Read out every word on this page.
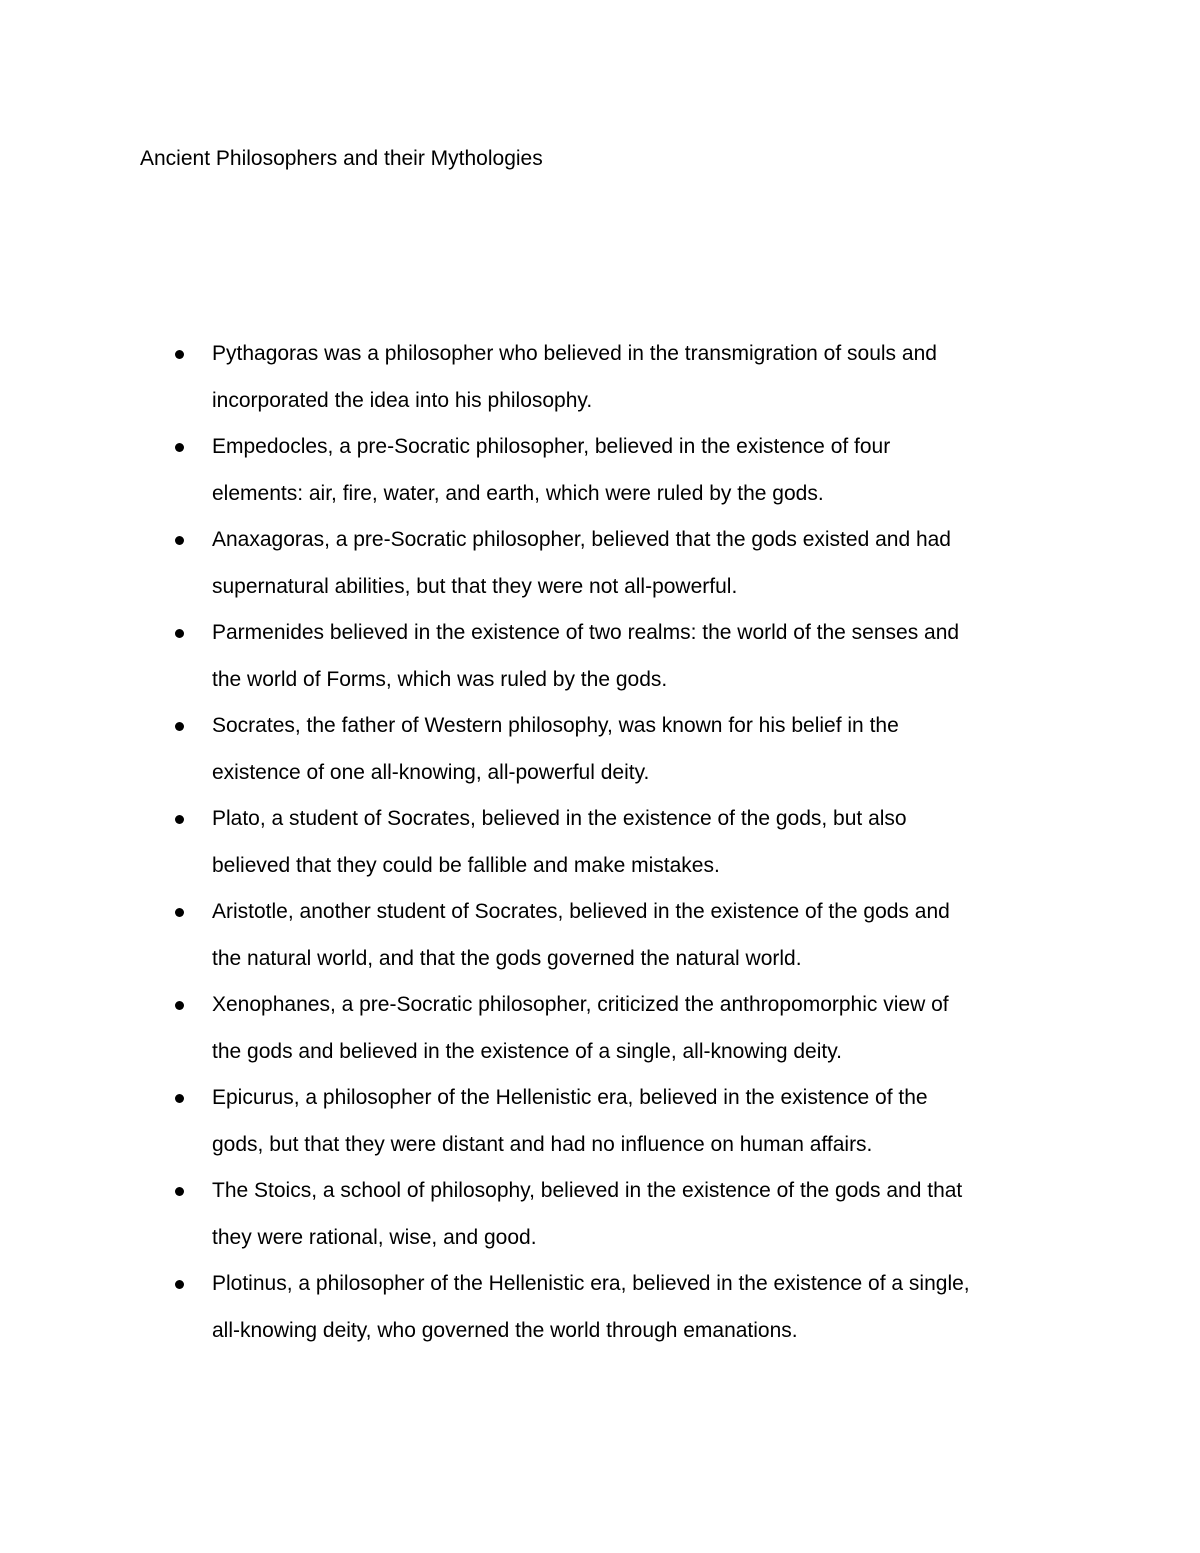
Ancient Philosophers and their Mythologies
Pythagoras was a philosopher who believed in the transmigration of souls and
incorporated the idea into his philosophy.
Empedocles, a pre-Socratic philosopher, believed in the existence of four
elements: air, fire, water, and earth, which were ruled by the gods.
Anaxagoras, a pre-Socratic philosopher, believed that the gods existed and had
supernatural abilities, but that they were not all-powerful.
Parmenides believed in the existence of two realms: the world of the senses and
the world of Forms, which was ruled by the gods.
Socrates, the father of Western philosophy, was known for his belief in the
existence of one all-knowing, all-powerful deity.
Plato, a student of Socrates, believed in the existence of the gods, but also
believed that they could be fallible and make mistakes.
Aristotle, another student of Socrates, believed in the existence of the gods and
the natural world, and that the gods governed the natural world.
Xenophanes, a pre-Socratic philosopher, criticized the anthropomorphic view of
the gods and believed in the existence of a single, all-knowing deity.
Epicurus, a philosopher of the Hellenistic era, believed in the existence of the
gods, but that they were distant and had no influence on human affairs.
The Stoics, a school of philosophy, believed in the existence of the gods and that
they were rational, wise, and good.
Plotinus, a philosopher of the Hellenistic era, believed in the existence of a single,
all-knowing deity, who governed the world through emanations.
